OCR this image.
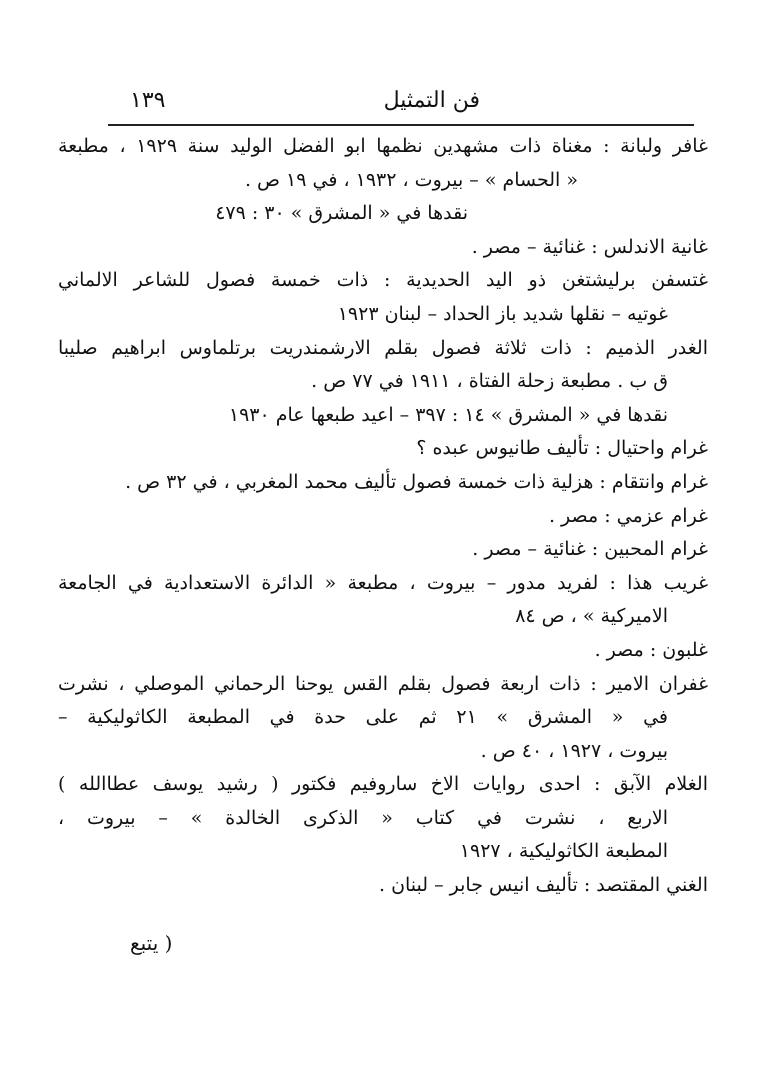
فن التمثيل
١٣٩
غافر ولبانة : مغناة ذات مشهدين نظمها ابو الفضل الوليد سنة ١٩٢٩ ، مطبعة
« الحسام » – بيروت ، ١٩٣٢ ، في ١٩ ص .
نقدها في « المشرق » ٣٠ : ٤٧٩
غانية الاندلس : غنائية – مصر .
غتسفن برليشتغن ذو اليد الحديدية : ذات خمسة فصول للشاعر الالماني
غوتيه – نقلها شديد باز الحداد – لبنان ١٩٢٣
الغدر الذميم : ذات ثلاثة فصول بقلم الارشمندريت برتلماوس ابراهيم صليبا
ق ب . مطبعة زحلة الفتاة ، ١٩١١ في ٧٧ ص .
نقدها في « المشرق » ١٤ : ٣٩٧ – اعيد طبعها عام ١٩٣٠
غرام واحتيال : تأليف طانيوس عبده ؟
غرام وانتقام : هزلية ذات خمسة فصول تأليف محمد المغربي ، في ٣٢ ص .
غرام عزمي : مصر .
غرام المحبين : غنائية – مصر .
غريب هذا : لفريد مدور – بيروت ، مطبعة « الدائرة الاستعدادية في الجامعة
الاميركية » ، ص ٨٤
غلبون : مصر .
غفران الامير : ذات اربعة فصول بقلم القس يوحنا الرحماني الموصلي ، نشرت
في « المشرق » ٢١ ثم على حدة في المطبعة الكاثوليكية –
بيروت ، ١٩٢٧ ، ٤٠ ص .
الغلام الآبق : احدى روايات الاخ ساروفيم فكتور ( رشيد يوسف عطاالله )
الاربع ، نشرت في كتاب « الذكرى الخالدة » – بيروت ،
المطبعة الكاثوليكية ، ١٩٢٧
الغني المقتصد : تأليف انيس جابر – لبنان .
( يتبع
